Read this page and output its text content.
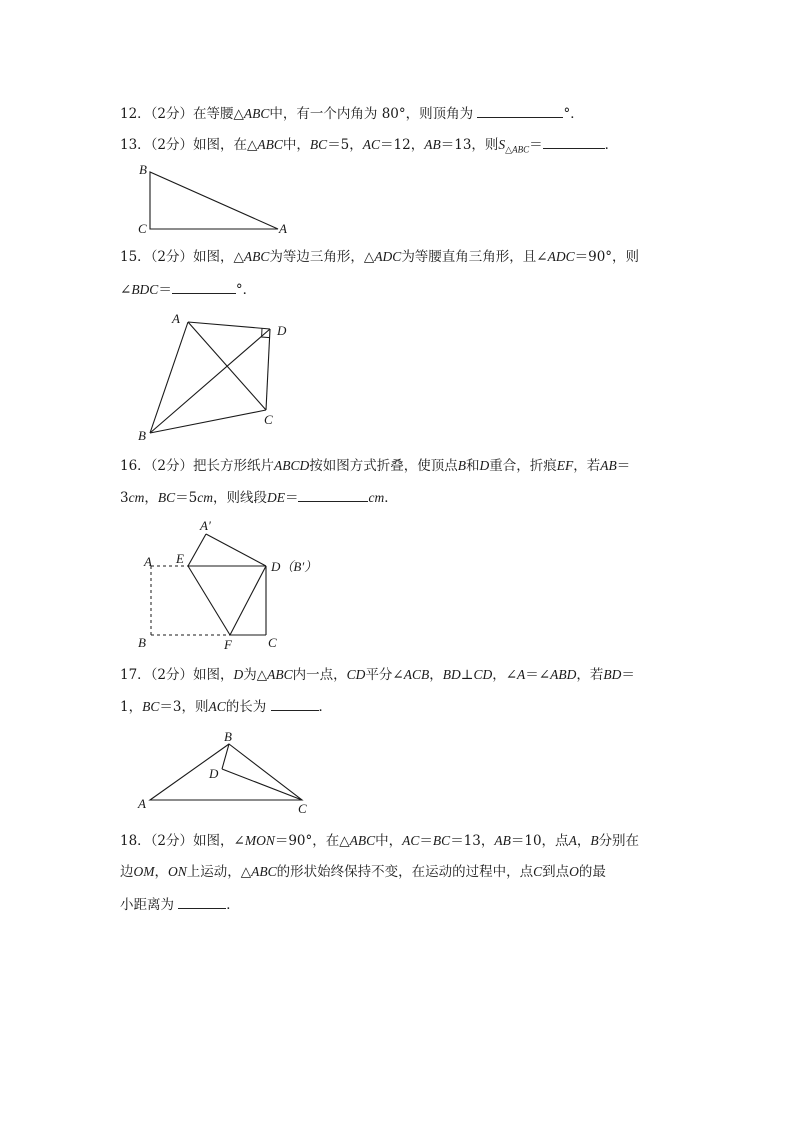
12．（2分）在等腰△ABC中，有一个内角为 80°，则顶角为	°．
13．（2分）如图，在△ABC中，BC＝5，AC＝12，AB＝13，则$S_{\triangle ABC}=$	．
B
C	A
15．（2分）如图，△ABC为等边三角形，△ADC为等腰直角三角形，且∠ADC＝90°，则
∠BDC＝	°．
A
D
C
B
16．（2分）把长方形纸片ABCD按如图方式折叠，使顶点B和D重合，折痕EF，若AB＝
3cm，BC＝5cm，则线段DE＝	cm．
A′
A E
D（B′）
B	F	C
17．（2分）如图，D为△ABC内一点，CD平分∠ACB，BD⊥CD，∠A＝∠ABD，若BD＝
1，BC＝3，则AC的长为	．
B
D
A	C
18．（2分）如图，∠MON＝90°，在△ABC中，AC＝BC＝13，AB＝10，点A，B分别在
边OM，ON上运动，△ABC的形状始终保持不变，在运动的过程中，点C到点O的最
小距离为	．
